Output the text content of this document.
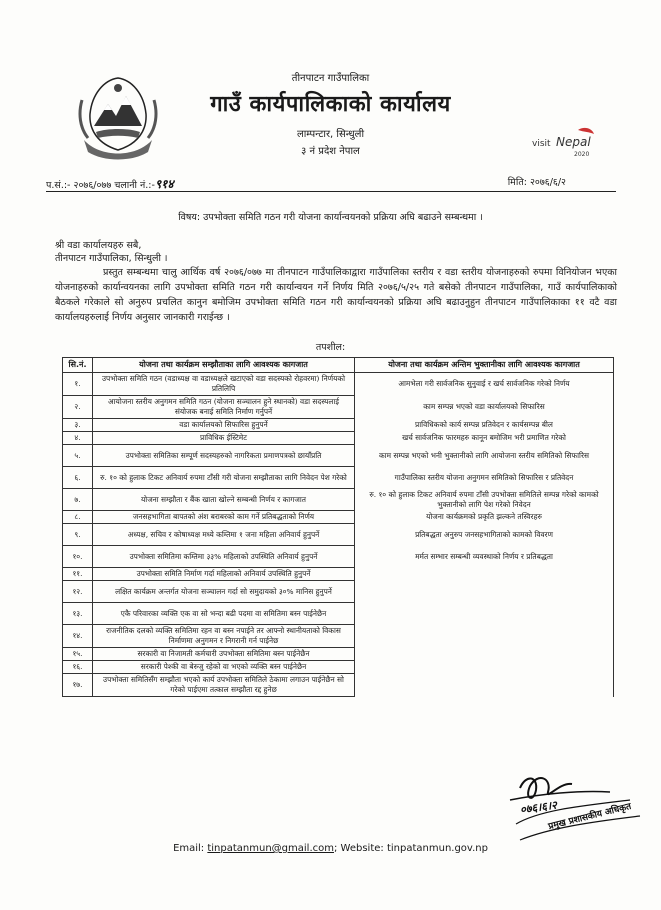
तीनपाटन गाउँपालिका
गाउँ कार्यपालिकाको कार्यालय
लाम्पन्टार, सिन्धुली
३ नं प्रदेश नेपाल
visit Nepal
2020
प.सं.:- २०७६/०७७ चलानी नं.:-९१४	मिति: २०७६/६/२
विषय: उपभोक्ता समिति गठन गरी योजना कार्यान्वयनको प्रक्रिया अघि बढाउने सम्बन्धमा ।
श्री वडा कार्यालयहरु सबै,
तीनपाटन गाउँपालिका, सिन्धुली ।
प्रस्तुत सम्बन्धमा चालु आर्थिक वर्ष २०७६/०७७ मा तीनपाटन गाउँपालिकाद्वारा गाउँपालिका स्तरीय र वडा स्तरीय योजनाहरुको रुपमा विनियोजन भएका योजनाहरुको कार्यान्वयनका लागि उपभोक्ता समिति गठन गरी कार्यान्वयन गर्ने निर्णय मिति २०७६/५/२५ गते बसेको तीनपाटन गाउँपालिका, गाउँ कार्यपालिकाको बैठकले गरेकाले सो अनुरुप प्रचलित कानुन बमोजिम उपभोक्ता समिति गठन गरी कार्यान्वयनको प्रक्रिया अघि बढाउनुहुन तीनपाटन गाउँपालिकाका ११ वटै वडा कार्यालयहरुलाई निर्णय अनुसार जानकारी गराईन्छ ।
तपशील:
सि.नं.	योजना तथा कार्यक्रम सम्झौताका लागि आवश्यक कागजात	योजना तथा कार्यक्रम अन्तिम भुक्तानीका लागि आवश्यक कागजात
१.	उपभोक्ता समिति गठन (वडाध्यक्ष वा वडाध्यक्षले खटाएको वडा सदस्यको रोहवरमा) निर्णयको प्रतिलिपि	आमभेला गरी सार्वजनिक सुनुवाई र खर्च सार्वजनिक गरेको निर्णय
२.	आयोजना स्तरीय अनुगमन समिति गठन (योजना सञ्चालन हुने स्थानको) वडा सदस्यलाई संयोजक बनाई समिति निर्माण गर्नुपर्ने	काम सम्पन्न भएको वडा कार्यालयको सिफारिस
३.	वडा कार्यालयको सिफारिस हुनुपर्ने	प्राविधिकको कार्य सम्पन्न प्रतिवेदन र कार्यसम्पन्न बील
४.	प्राविधिक ईस्टिमेट	खर्च सार्वजनिक फारमहरु कानून बमोजिम भरी प्रमाणित गरेको
५.	उपभोक्ता समितिका सम्पूर्ण सदस्यहरुको नागरिकता प्रमाणपत्रको छायाँप्रति	काम सम्पन्न भएको भनी भुक्तानीको लागि आयोजना स्तरीय समितिको सिफारिस
६.	रु. १० को हुलाक टिकट अनिवार्य रुपमा टाँसी गरी योजना सम्झौताका लागि निवेदन पेश गरेको	गाउँपालिका स्तरीय योजना अनुगमन समितिको सिफारिस र प्रतिवेदन
७.	योजना सम्झौता र बैंक खाता खोल्ने सम्बन्धी निर्णय र कागजात	रु. १० को हुलाक टिकट अनिवार्य रुपमा टाँसी उपभोक्ता समितिले सम्पन्न गरेको कामको भुक्तानीको लागि पेश गरेको निवेदन
८.	जनसहभागिता बापतको अंश बराबरको काम गर्ने प्रतिबद्धताको निर्णय	योजना कार्यक्रमको प्रकृति झल्कने तस्विरहरु
९.	अध्यक्ष, सचिव र कोषाध्यक्ष मध्ये कम्तिमा १ जना महिला अनिवार्य हुनुपर्ने	प्रतिबद्धता अनुरुप जनसहभागिताको कामको विवरण
१०.	उपभोक्ता समितिमा कम्तिमा ३३% महिलाको उपस्थिति अनिवार्य हुनुपर्ने	मर्मत सम्भार सम्बन्धी व्यवस्थाको निर्णय र प्रतिबद्धता
११.	उपभोक्ता समिति निर्माण गर्दा महिलाको अनिवार्य उपस्थिति हुनुपर्ने	
१२.	लक्षित कार्यक्रम अन्तर्गत योजना सञ्चालन गर्दा सो समुदायको ३०% मानिस हुनुपर्ने	
१३.	एकै परिवारका व्यक्ति एक वा सो भन्दा बढी पदमा वा समितिमा बस्न पाईनेछैन	
१४.	राजनीतिक दलको व्यक्ति समितिमा रहन वा बस्न नपाईने तर आफ्नो स्थानीयताको विकास निर्माणमा अनुगमन र निगरानी गर्न पाईनेछ	
१५.	सरकारी वा निजामती कर्मचारी उपभोक्ता समितिमा बस्न पाईनेछैन	
१६.	सरकारी पेश्की वा बेरुजु रहेको वा भएको व्यक्ति बस्न पाईनेछैन	
१७.	उपभोक्ता समितिसँग सम्झौता भएको कार्य उपभोक्ता समितिले ठेकामा लगाउन पाईनेछैन सो गरेको पाईएमा तत्काल सम्झौता रद्द हुनेछ	
०७६।६।२
प्रमुख प्रशासकीय अधिकृत
Email: tinpatanmun@gmail.com; Website: tinpatanmun.gov.np
